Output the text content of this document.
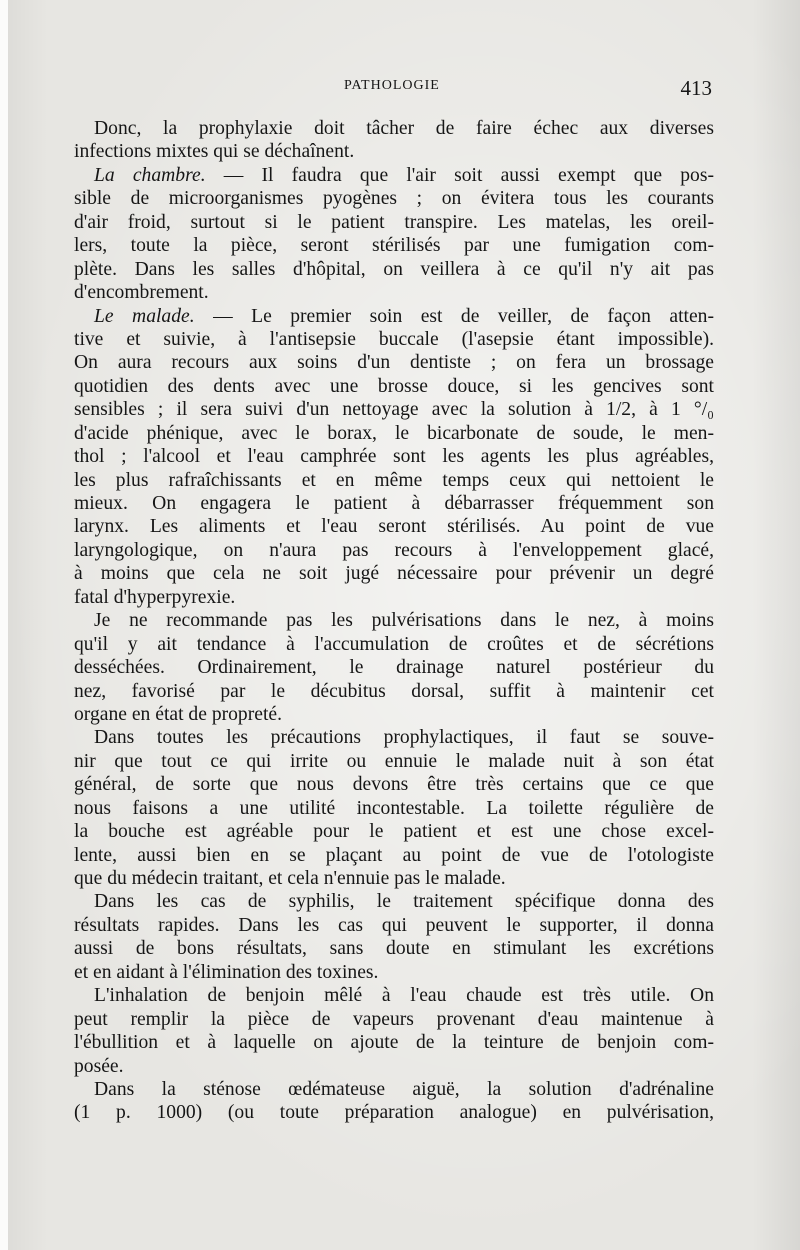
PATHOLOGIE	413
Donc, la prophylaxie doit tâcher de faire échec aux diverses
infections mixtes qui se déchaînent.
La chambre. — Il faudra que l'air soit aussi exempt que pos-
sible de microorganismes pyogènes ; on évitera tous les courants
d'air froid, surtout si le patient transpire. Les matelas, les oreil-
lers, toute la pièce, seront stérilisés par une fumigation com-
plète. Dans les salles d'hôpital, on veillera à ce qu'il n'y ait pas
d'encombrement.
Le malade. — Le premier soin est de veiller, de façon atten-
tive et suivie, à l'antisepsie buccale (l'asepsie étant impossible).
On aura recours aux soins d'un dentiste ; on fera un brossage
quotidien des dents avec une brosse douce, si les gencives sont
sensibles ; il sera suivi d'un nettoyage avec la solution à 1/2, à 1 °/₀
d'acide phénique, avec le borax, le bicarbonate de soude, le men-
thol ; l'alcool et l'eau camphrée sont les agents les plus agréables,
les plus rafraîchissants et en même temps ceux qui nettoient le
mieux. On engagera le patient à débarrasser fréquemment son
larynx. Les aliments et l'eau seront stérilisés. Au point de vue
laryngologique, on n'aura pas recours à l'enveloppement glacé,
à moins que cela ne soit jugé nécessaire pour prévenir un degré
fatal d'hyperpyrexie.
Je ne recommande pas les pulvérisations dans le nez, à moins
qu'il y ait tendance à l'accumulation de croûtes et de sécrétions
desséchées. Ordinairement, le drainage naturel postérieur du
nez, favorisé par le décubitus dorsal, suffit à maintenir cet
organe en état de propreté.
Dans toutes les précautions prophylactiques, il faut se souve-
nir que tout ce qui irrite ou ennuie le malade nuit à son état
général, de sorte que nous devons être très certains que ce que
nous faisons a une utilité incontestable. La toilette régulière de
la bouche est agréable pour le patient et est une chose excel-
lente, aussi bien en se plaçant au point de vue de l'otologiste
que du médecin traitant, et cela n'ennuie pas le malade.
Dans les cas de syphilis, le traitement spécifique donna des
résultats rapides. Dans les cas qui peuvent le supporter, il donna
aussi de bons résultats, sans doute en stimulant les excrétions
et en aidant à l'élimination des toxines.
L'inhalation de benjoin mêlé à l'eau chaude est très utile. On
peut remplir la pièce de vapeurs provenant d'eau maintenue à
l'ébullition et à laquelle on ajoute de la teinture de benjoin com-
posée.
Dans la sténose œdémateuse aiguë, la solution d'adrénaline
(1 p. 1000) (ou toute préparation analogue) en pulvérisation,
